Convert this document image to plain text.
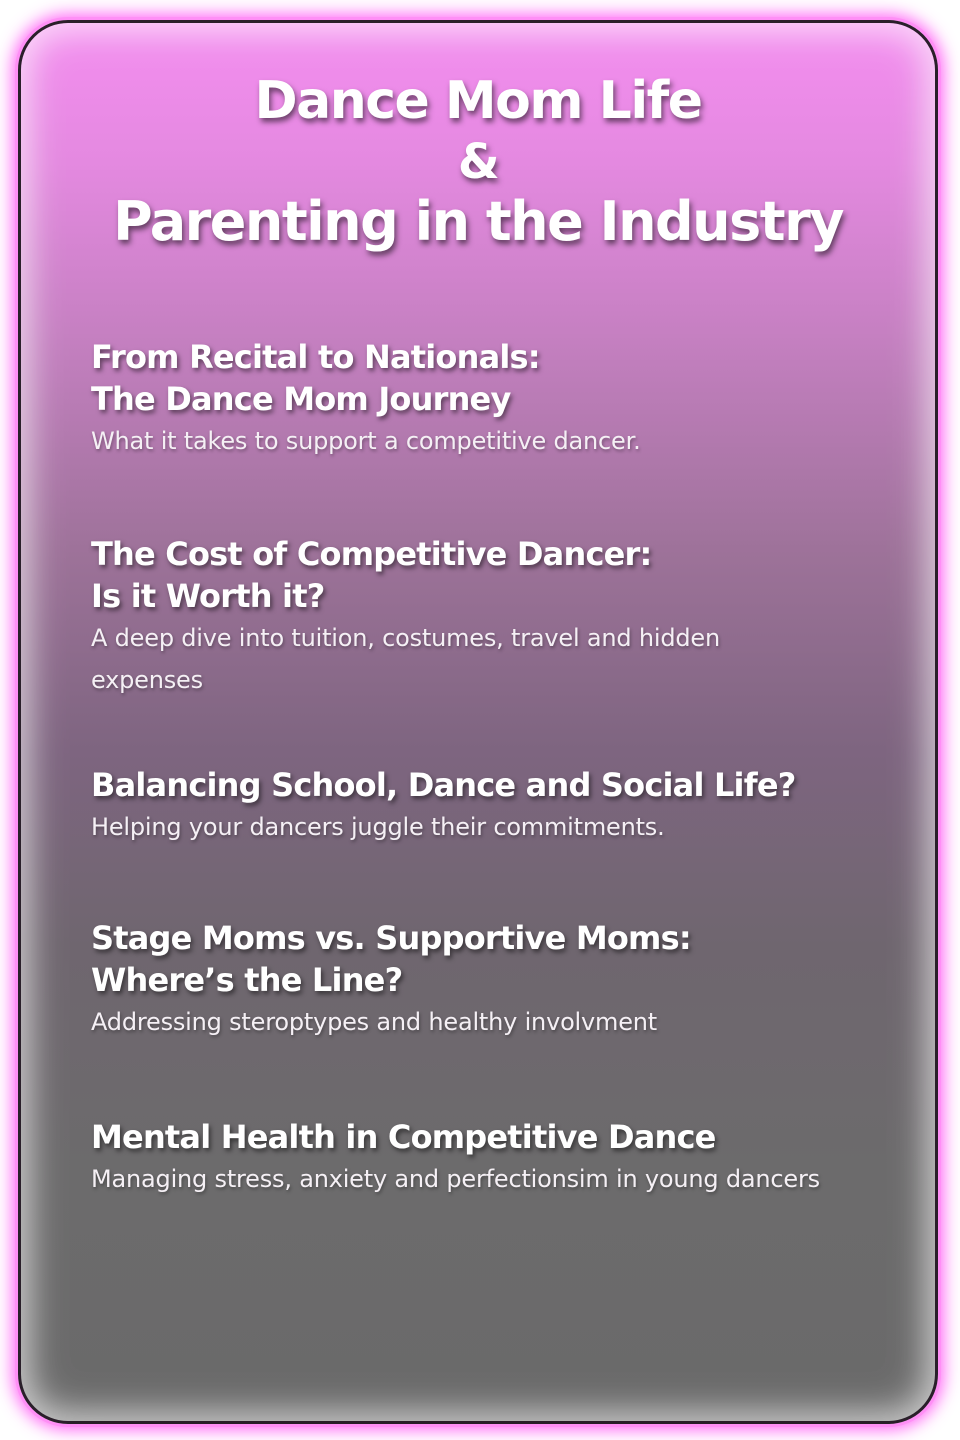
Dance Mom Life
&
Parenting in the Industry
From Recital to Nationals:
The Dance Mom Journey

What it takes to support a competitive dancer.

The Cost of Competitive Dancer:
Is it Worth it?

A deep dive into tuition, costumes, travel and hidden expenses

Balancing School, Dance and Social Life?

Helping your dancers juggle their commitments.

Stage Moms vs. Supportive Moms:
Where’s the Line?

Addressing steroptypes and healthy involvment

Mental Health in Competitive Dance

Managing stress, anxiety and perfectionsim in young dancers
